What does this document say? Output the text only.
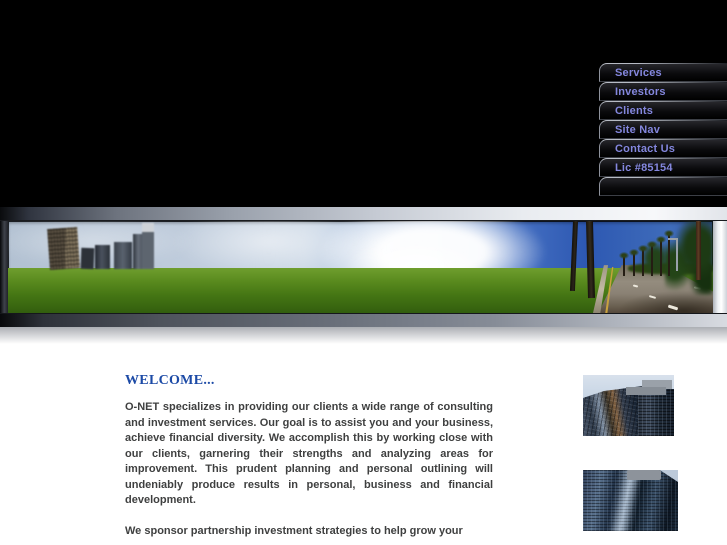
Services
Investors
Clients
Site Nav
Contact Us
Lic #85154
WELCOME...

O-NET specializes in providing our clients a wide range of consulting and investment services. Our goal is to assist you and your business, achieve financial diversity. We accomplish this by working close with our clients, garnering their strengths and analyzing areas for improvement. This prudent planning and personal outlining will undeniably produce results in personal, business and financial development.

We sponsor partnership investment strategies to help grow your
